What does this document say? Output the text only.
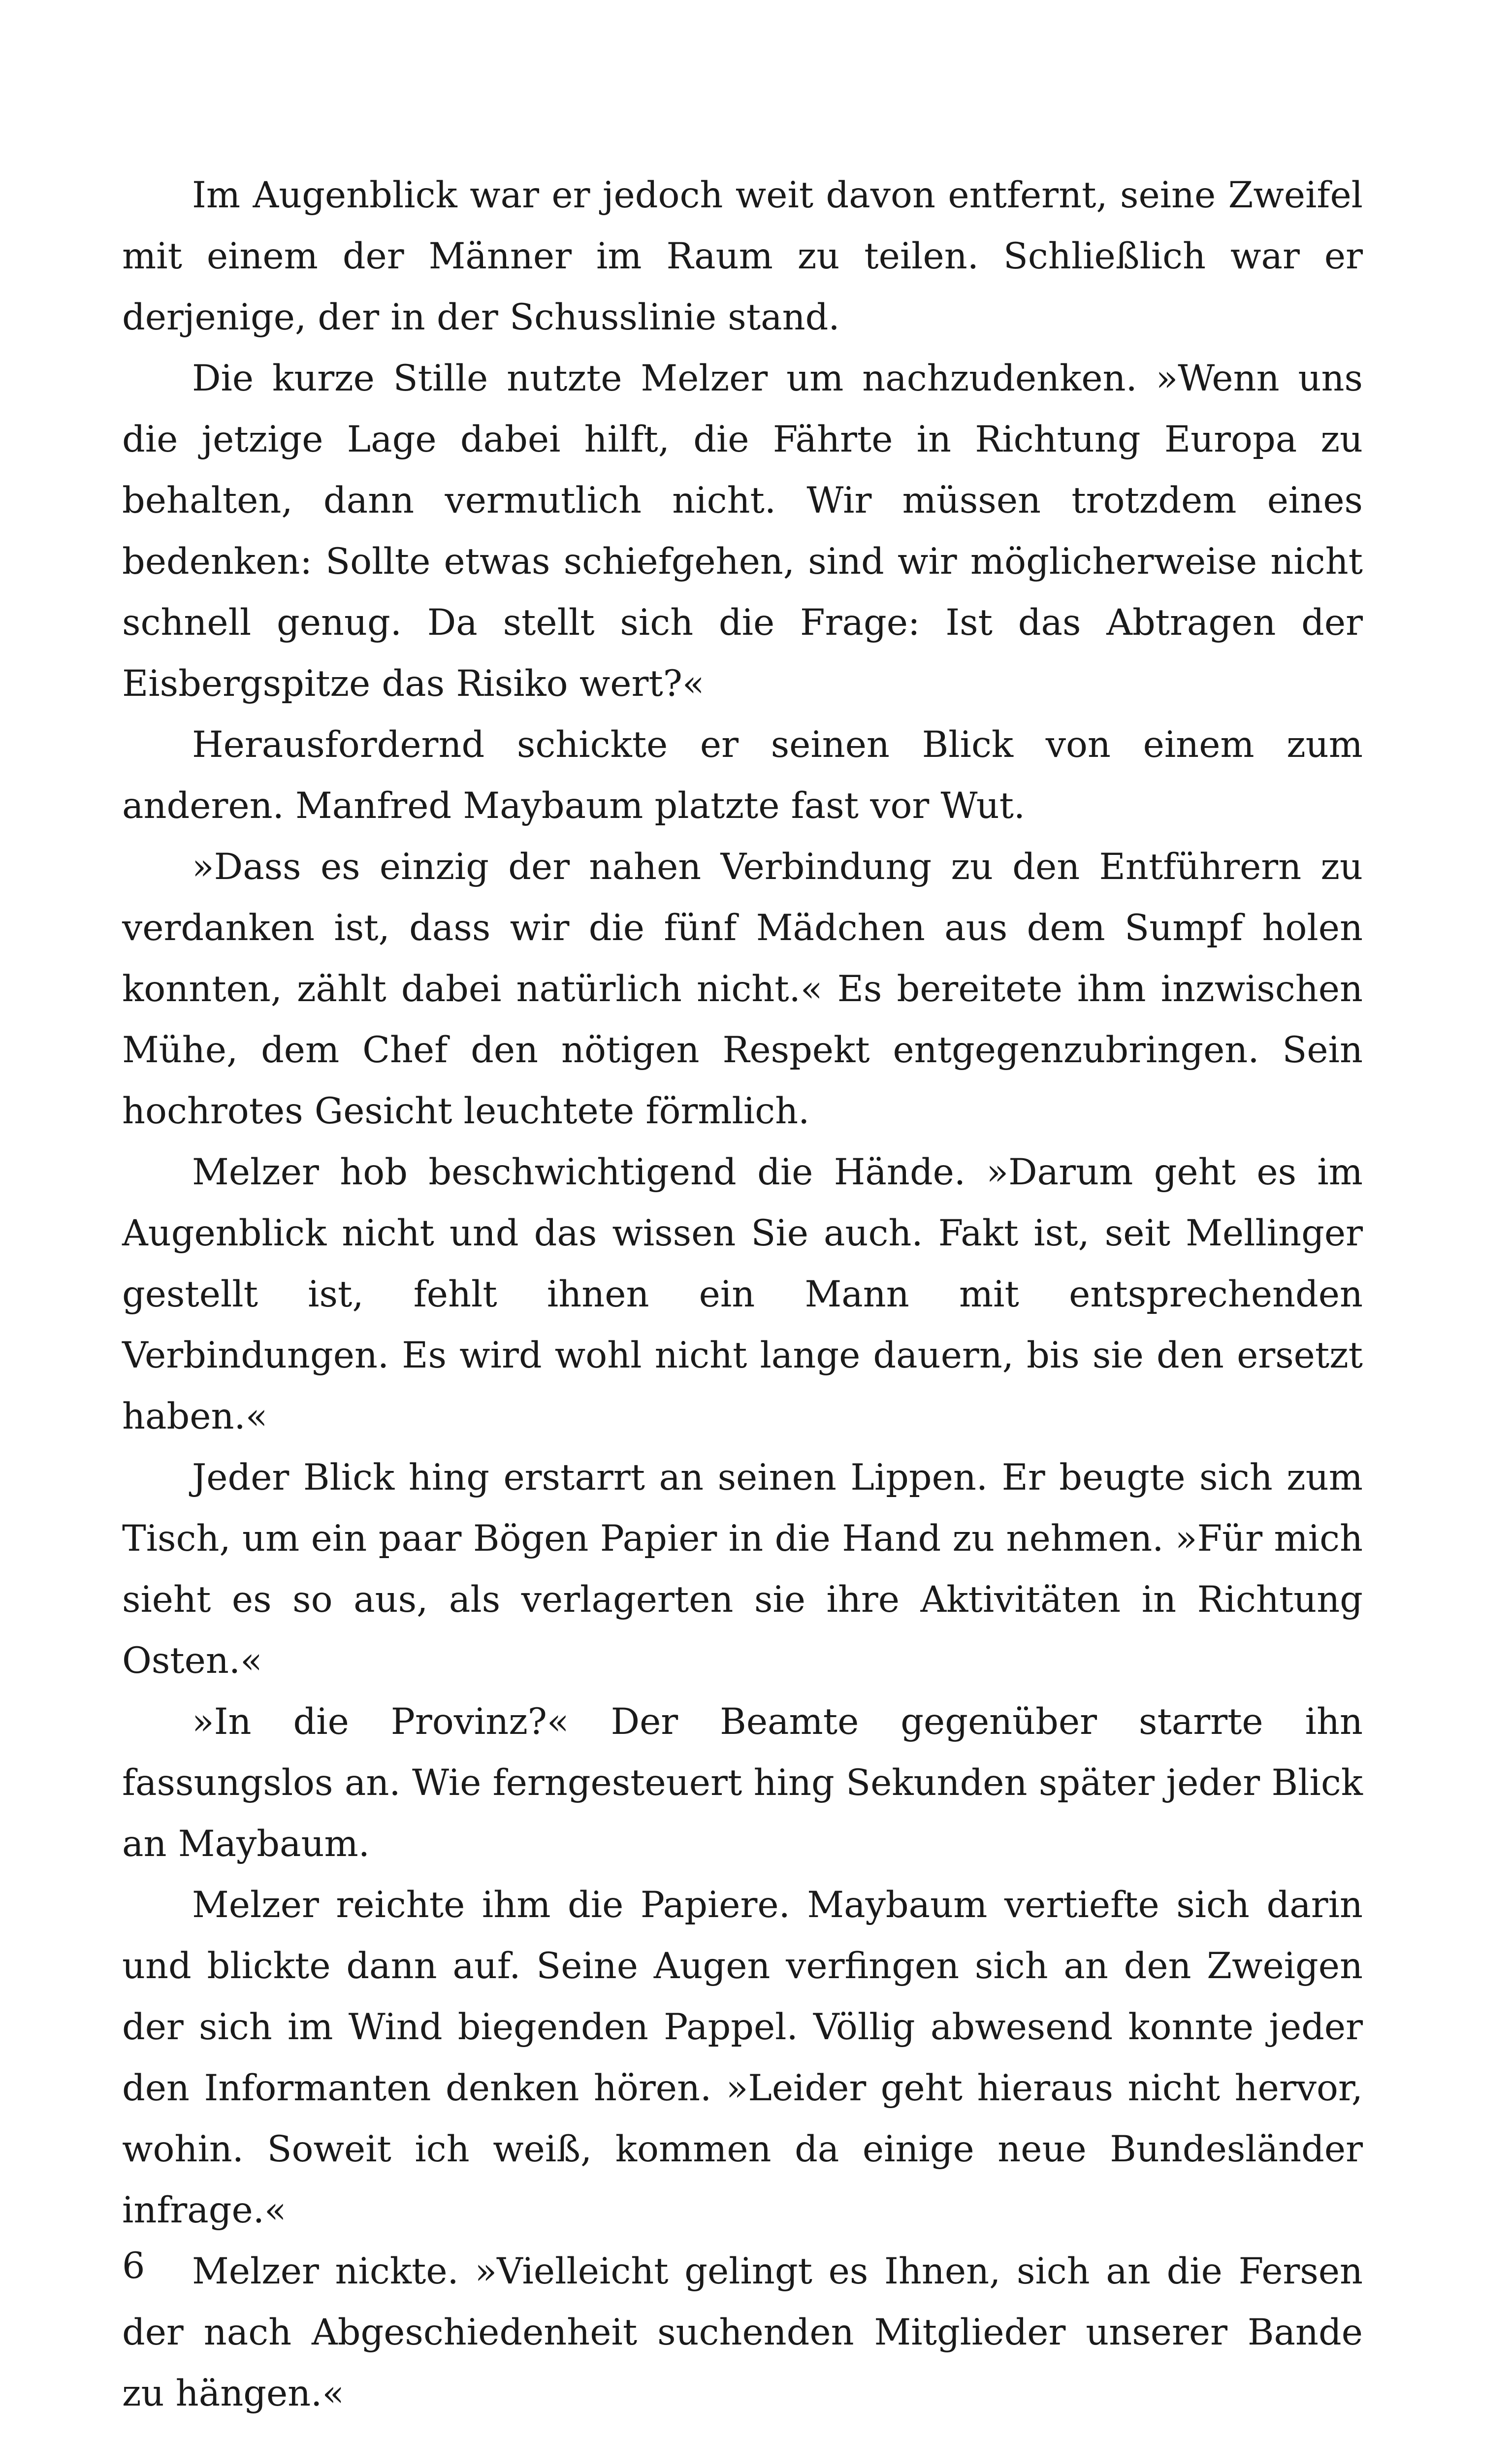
Im Augenblick war er jedoch weit davon entfernt, seine Zweifel mit einem der Männer im Raum zu teilen. Schließlich war er derjenige, der in der Schusslinie stand.

Die kurze Stille nutzte Melzer um nachzudenken. »Wenn uns die jetzige Lage dabei hilft, die Fährte in Richtung Europa zu behalten, dann vermutlich nicht. Wir müssen trotzdem eines bedenken: Sollte etwas schiefgehen, sind wir möglicherweise nicht schnell genug. Da stellt sich die Frage: Ist das Abtragen der Eisbergspitze das Risiko wert?«

Herausfordernd schickte er seinen Blick von einem zum anderen. Manfred Maybaum platzte fast vor Wut.

»Dass es einzig der nahen Verbindung zu den Entführern zu verdanken ist, dass wir die fünf Mädchen aus dem Sumpf holen konnten, zählt dabei natürlich nicht.« Es bereitete ihm inzwischen Mühe, dem Chef den nötigen Respekt entgegenzubringen. Sein hochrotes Gesicht leuchtete förmlich.

Melzer hob beschwichtigend die Hände. »Darum geht es im Augenblick nicht und das wissen Sie auch. Fakt ist, seit Mellinger gestellt ist, fehlt ihnen ein Mann mit entsprechenden Verbindungen. Es wird wohl nicht lange dauern, bis sie den ersetzt haben.«

Jeder Blick hing erstarrt an seinen Lippen. Er beugte sich zum Tisch, um ein paar Bögen Papier in die Hand zu nehmen. »Für mich sieht es so aus, als verlagerten sie ihre Aktivitäten in Richtung Osten.«

»In die Provinz?« Der Beamte gegenüber starrte ihn fassungslos an. Wie ferngesteuert hing Sekunden später jeder Blick an Maybaum.

Melzer reichte ihm die Papiere. Maybaum vertiefte sich darin und blickte dann auf. Seine Augen verfingen sich an den Zweigen der sich im Wind biegenden Pappel. Völlig abwesend konnte jeder den Informanten denken hören. »Leider geht hieraus nicht hervor, wohin. Soweit ich weiß, kommen da einige neue Bundesländer infrage.«

Melzer nickte. »Vielleicht gelingt es Ihnen, sich an die Fersen der nach Abgeschiedenheit suchenden Mitglieder unserer Bande zu hängen.«

6
